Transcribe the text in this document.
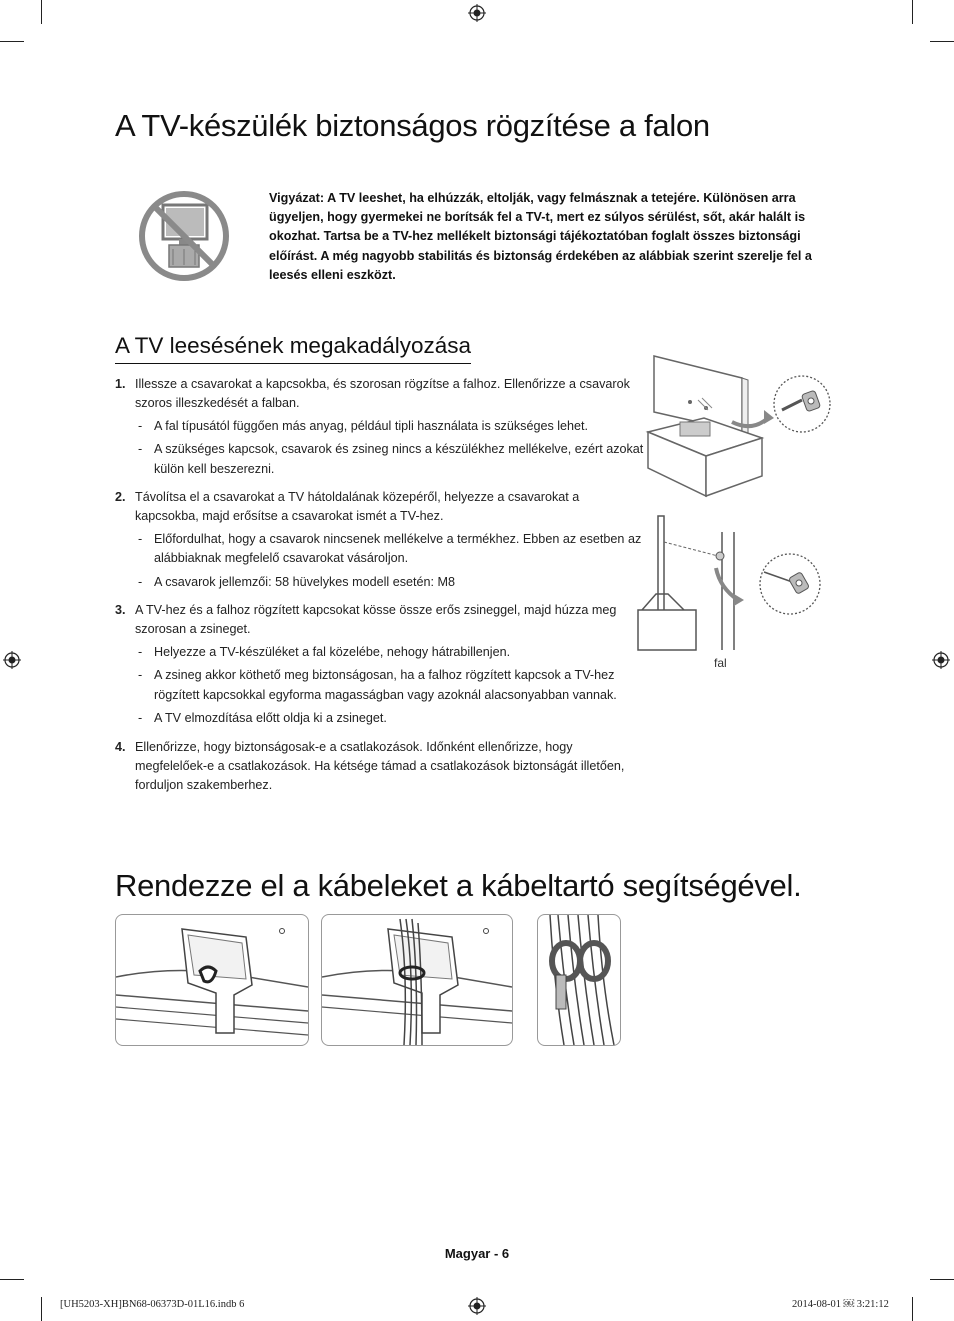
A TV-készülék biztonságos rögzítése a falon
Vigyázat: A TV leeshet, ha elhúzzák, eltolják, vagy felmásznak a tetejére. Különösen arra ügyeljen, hogy gyermekei ne borítsák fel a TV-t, mert ez súlyos sérülést, sőt, akár halált is okozhat. Tartsa be a TV-hez mellékelt biztonsági tájékoztatóban foglalt összes biztonsági előírást. A még nagyobb stabilitás és biztonság érdekében az alábbiak szerint szerelje fel a leesés elleni eszközt.
A TV leesésének megakadályozása
1. Illessze a csavarokat a kapcsokba, és szorosan rögzítse a falhoz. Ellenőrizze a csavarok szoros illeszkedését a falban.
- A fal típusától függően más anyag, például tipli használata is szükséges lehet.
- A szükséges kapcsok, csavarok és zsineg nincs a készülékhez mellékelve, ezért azokat külön kell beszerezni.
2. Távolítsa el a csavarokat a TV hátoldalának közepéről, helyezze a csavarokat a kapcsokba, majd erősítse a csavarokat ismét a TV-hez.
- Előfordulhat, hogy a csavarok nincsenek mellékelve a termékhez. Ebben az esetben az alábbiaknak megfelelő csavarokat vásároljon.
- A csavarok jellemzői: 58 hüvelykes modell esetén: M8
3. A TV-hez és a falhoz rögzített kapcsokat kösse össze erős zsineggel, majd húzza meg szorosan a zsineget.
- Helyezze a TV-készüléket a fal közelébe, nehogy hátrabillenjen.
- A zsineg akkor köthető meg biztonságosan, ha a falhoz rögzített kapcsok a TV-hez rögzített kapcsokkal egyforma magasságban vagy azoknál alacsonyabban vannak.
- A TV elmozdítása előtt oldja ki a zsineget.
4. Ellenőrizze, hogy biztonságosak-e a csatlakozások. Időnként ellenőrizze, hogy megfelelőek-e a csatlakozások. Ha kétsége támad a csatlakozások biztonságát illetően, forduljon szakemberhez.
fal
Rendezze el a kábeleket a kábeltartó segítségével.
Magyar - 6
[UH5203-XH]BN68-06373D-01L16.indb 6	2014-08-01 ￼ 3:21:12
